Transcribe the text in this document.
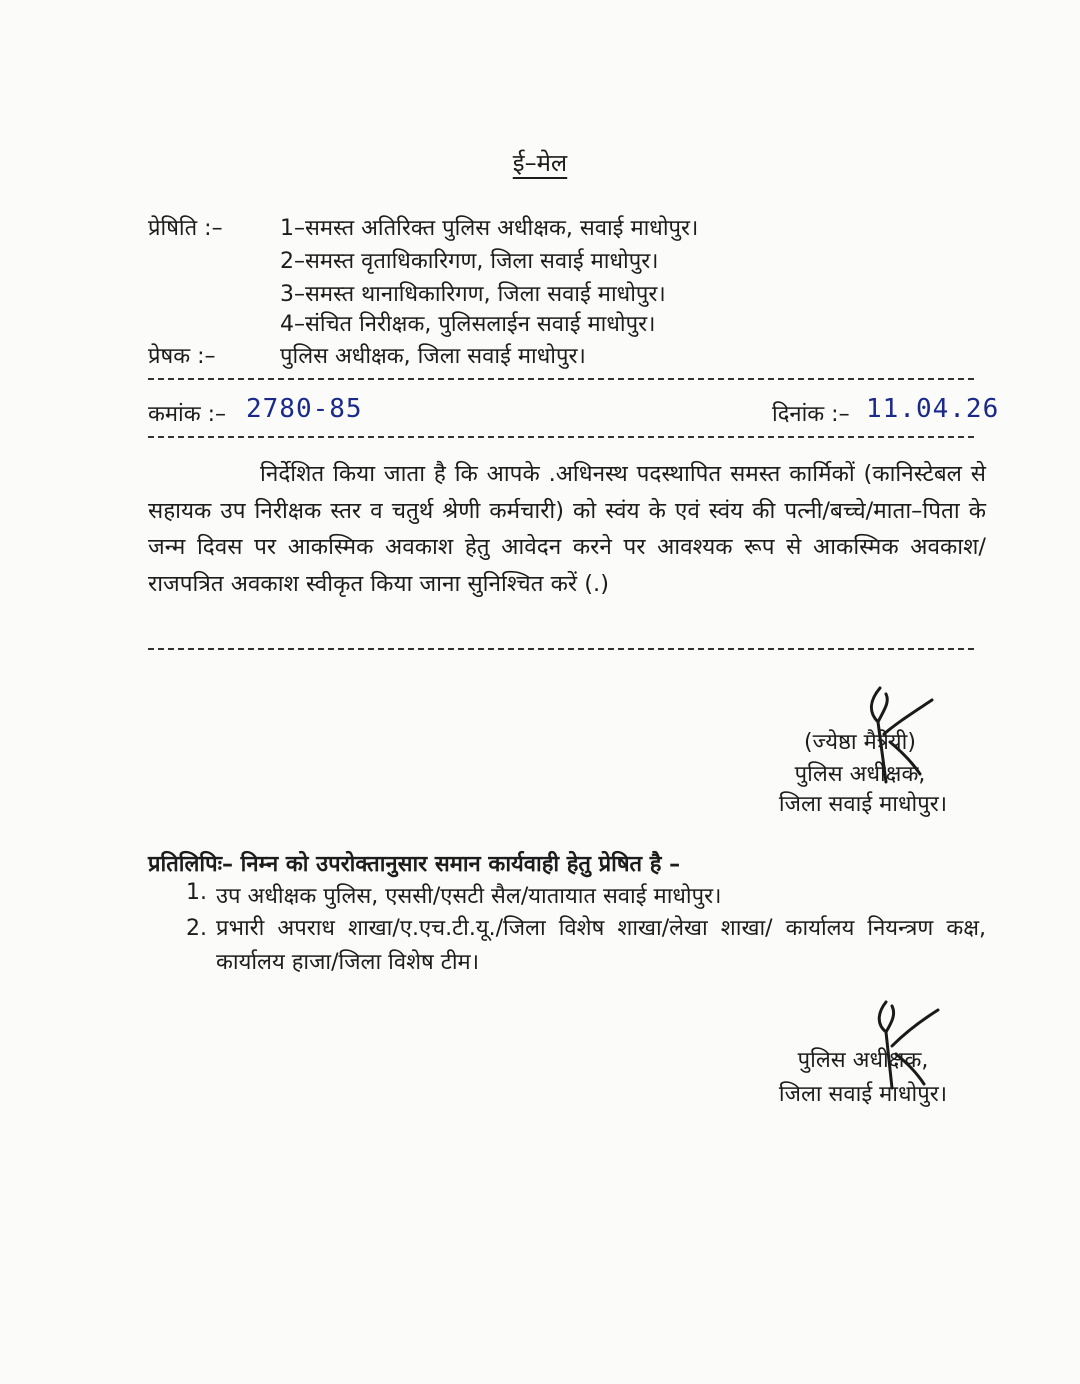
ई–मेल
प्रेषिति :–	1–समस्त अतिरिक्त पुलिस अधीक्षक, सवाई माधोपुर।
2–समस्त वृताधिकारिगण, जिला सवाई माधोपुर।
3–समस्त थानाधिकारिगण, जिला सवाई माधोपुर।
4–संचित निरीक्षक, पुलिसलाईन सवाई माधोपुर।
प्रेषक :–	पुलिस अधीक्षक, जिला सवाई माधोपुर।
कमांक :– 2780-85	दिनांक :– 11.04.26
निर्देशित किया जाता है कि आपके .अधिनस्थ पदस्थापित समस्त कार्मिकों (कानिस्टेबल से सहायक उप निरीक्षक स्तर व चतुर्थ श्रेणी कर्मचारी) को स्वंय के एवं स्वंय की पत्नी/बच्चे/माता–पिता के जन्म दिवस पर आकस्मिक अवकाश हेतु आवेदन करने पर आवश्यक रूप से आकस्मिक अवकाश/राजपत्रित अवकाश स्वीकृत किया जाना सुनिश्चित करें (.)
(ज्येष्ठा मैत्रेयी)
पुलिस अधीक्षक,
जिला सवाई माधोपुर।
प्रतिलिपिः– निम्न को उपरोक्तानुसार समान कार्यवाही हेतु प्रेषित है –
1. उप अधीक्षक पुलिस, एससी/एसटी सैल/यातायात सवाई माधोपुर।
2. प्रभारी अपराध शाखा/ए.एच.टी.यू./जिला विशेष शाखा/लेखा शाखा/ कार्यालय नियन्त्रण कक्ष, कार्यालय हाजा/जिला विशेष टीम।
पुलिस अधीक्षक,
जिला सवाई माधोपुर।
